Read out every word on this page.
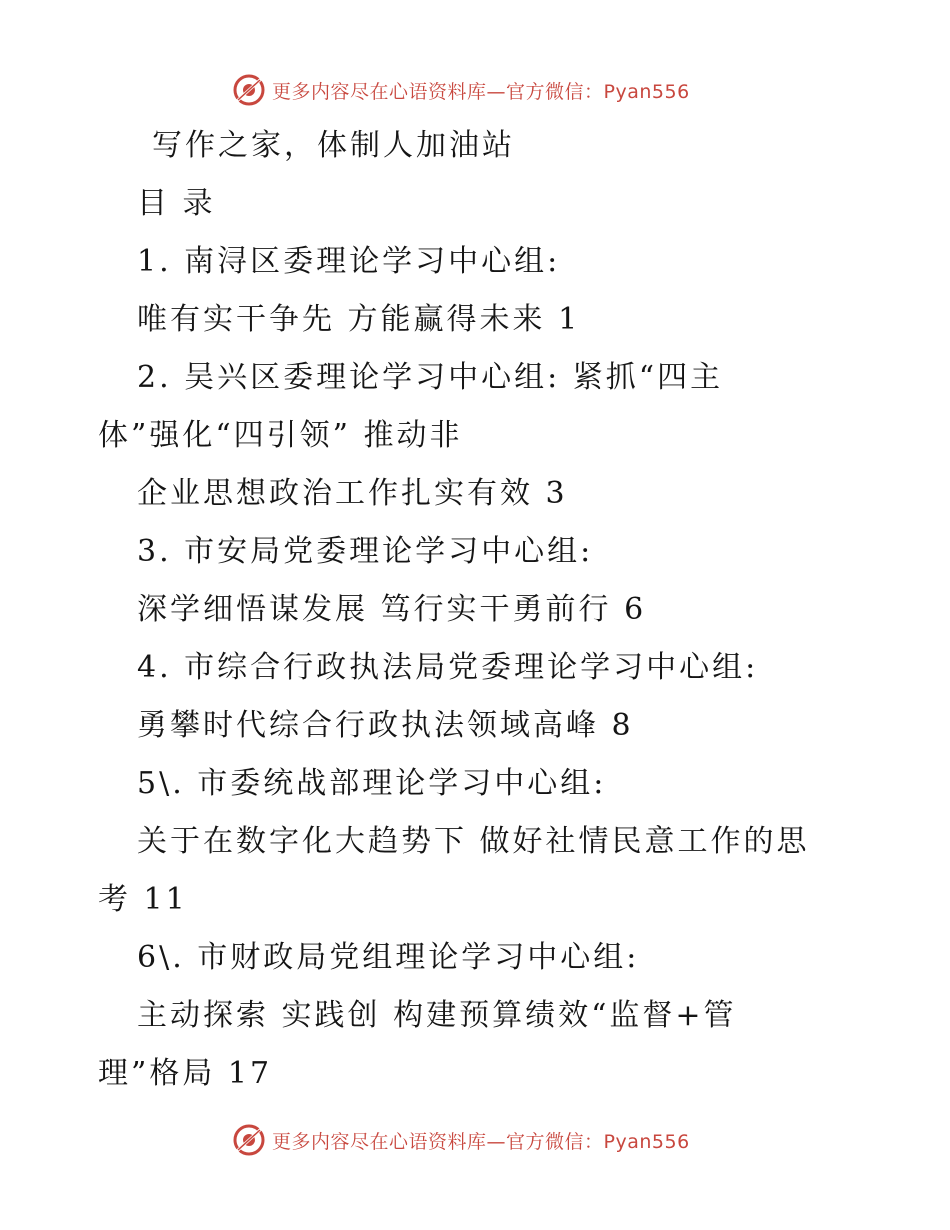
更多内容尽在心语资料库—官方微信：Pyan556
写作之家，体制人加油站
目 录
1. 南浔区委理论学习中心组:
唯有实干争先 方能赢得未来 1
2. 吴兴区委理论学习中心组: 紧抓“四主
体”强化“四引领” 推动非
企业思想政治工作扎实有效 3
3. 市安局党委理论学习中心组:
深学细悟谋发展 笃行实干勇前行 6
4. 市综合行政执法局党委理论学习中心组:
勇攀时代综合行政执法领域高峰 8
5\. 市委统战部理论学习中心组:
关于在数字化大趋势下 做好社情民意工作的思
考 11
6\. 市财政局党组理论学习中心组:
主动探索 实践创 构建预算绩效“监督+管
理”格局 17
更多内容尽在心语资料库—官方微信：Pyan556
